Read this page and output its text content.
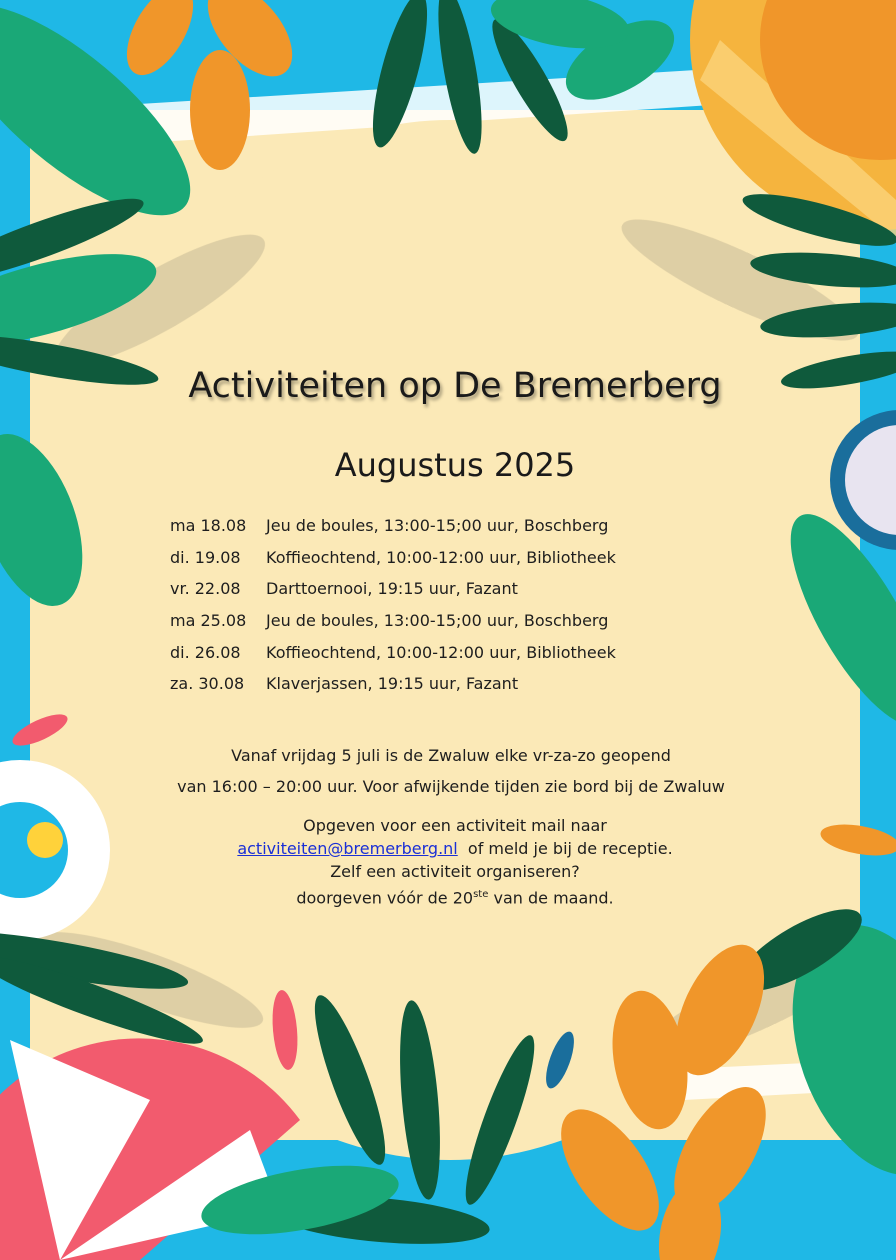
Activiteiten op De Bremerberg
Augustus 2025
ma 18.08	Jeu de boules, 13:00-15;00 uur, Boschberg
di. 19.08	Koffieochtend, 10:00-12:00 uur, Bibliotheek
vr. 22.08	Darttoernooi, 19:15 uur, Fazant
ma 25.08	Jeu de boules, 13:00-15;00 uur, Boschberg
di. 26.08	Koffieochtend, 10:00-12:00 uur, Bibliotheek
za. 30.08	Klaverjassen, 19:15 uur, Fazant
Vanaf vrijdag 5 juli is de Zwaluw elke vr-za-zo geopend
van 16:00 – 20:00 uur. Voor afwijkende tijden zie bord bij de Zwaluw
Opgeven voor een activiteit mail naar
activiteiten@bremerberg.nl  of meld je bij de receptie.
Zelf een activiteit organiseren?
doorgeven vóór de 20ste van de maand.
